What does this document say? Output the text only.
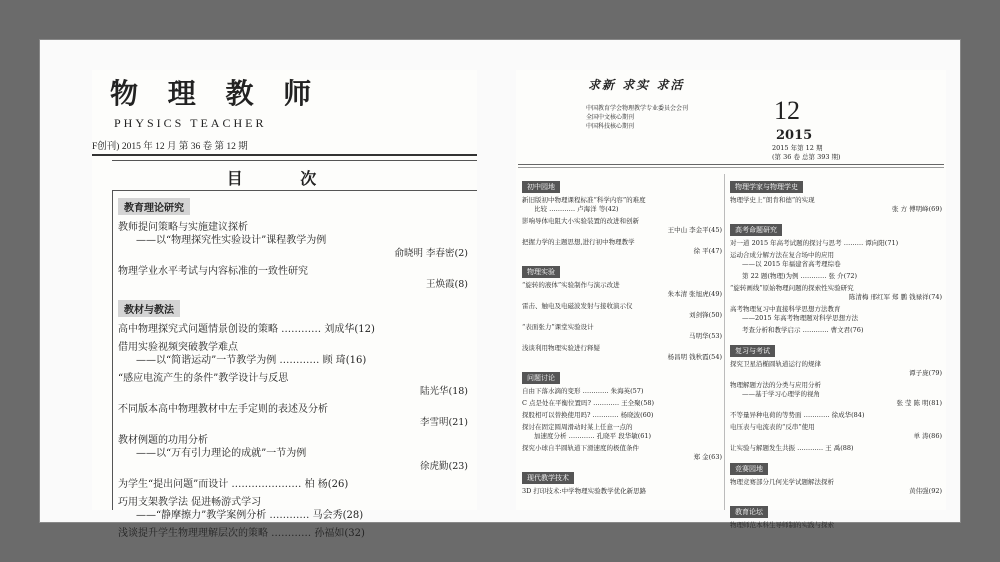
物 理 教 师
PHYSICS TEACHER
F创刊) 2015 年 12 月 第 36 卷 第 12 期
目 次
教育理论研究
教师提问策略与实施建议探析
——以“物理探究性实验设计”课程教学为例
俞晓明 李春密(2)
物理学业水平考试与内容标准的一致性研究
王焕霞(8)
教材与教法
高中物理探究式问题情景创设的策略 ………… 刘成华(12)
借用实验视频突破教学难点
——以“简谐运动”一节教学为例 ………… 顾 琦(16)
“感应电流产生的条件”教学设计与反思
陆光华(18)
不同版本高中物理教材中左手定则的表述及分析
李雪明(21)
教材例题的功用分析
——以“万有引力理论的成就”一节为例
徐虎勤(23)
为学生“提出问题”而设计 ………………… 柏 杨(26)
巧用支架教学法 促进畅游式学习
——“静摩擦力”教学案例分析 ………… 马会秀(28)
浅谈提升学生物理理解层次的策略 ………… 孙福如(32)
求新 求实 求活
中国教育学会物理教学专业委员会会刊
全国中文核心期刊
中国科技核心期刊
12
2015
2015 年第 12 期
(第 36 卷 总第 393 期)
初中园地
新旧版初中物理课程标准“科学内容”的难度
比较 ………… 卢海洋 等(42)
影响导体电阻大小实验装置的改进和创新
王中山 李金平(45)
把握力学的主题思想,进行初中物理教学
徐 平(47)
物理实验
“旋转的液体”实验制作与演示改进
朱本清 张旭虎(49)
雷击、触电及电磁波发射与接收演示仪
刘剑锋(50)
“表面张力”课堂实验设计
马明华(53)
浅谈利用物理实验进行释疑
杨昌明 钱秋霞(54)
问题讨论
自由下落水滴的变形 ………… 朱海英(57)
C 点是处在平衡位置吗? ………… 王全聚(58)
探股相可以替换使用吗? ………… 杨晓波(60)
探讨在固定圆周滑动时某上任意一点的
加速度分析 ………… 孔晓平 段华敏(61)
探究小球自半圆轨道下滑速度的极值条件
郑 金(63)
现代教学技术
3D 打印技术:中学物理实验教学优化新思路
物理学家与物理学史
物理学史上“朗肯和德”的实现
张 方 傅明峰(69)
高考命题研究
对一道 2015 年高考试题的探讨与思考 ……… 谭向阳(71)
运动合成分解方法在复合场中的应用
——以 2015 年福建省高考理综卷
第 22 题(物理)为例 ………… 张 介(72)
“旋转画线”原始物理问题的探索性实验研究
陈清梅 邢红军 郑 鹏 钱禄祥(74)
高考物理复习中直接科学思想方法教育
——2015 年高考物理题对科学思想方法
考查分析和教学启示 ………… 曹文君(76)
复习与考试
探究卫星沿椭圆轨道运行的规律
谭子庞(79)
物理解题方法的分类与应用分析
——基于学习心理学的视角
张 莹 陈 明(81)
不等量异种电荷的等势面 ………… 徐成华(84)
电压表与电流表的“反串”使用
单 涛(86)
让实验与解题发生共振 ………… 王 禹(88)
竞赛园地
物理竞赛部分几何光学试题解法探析
黄伟强(92)
教育论坛
物理师范本科生导师制的实践与探索
